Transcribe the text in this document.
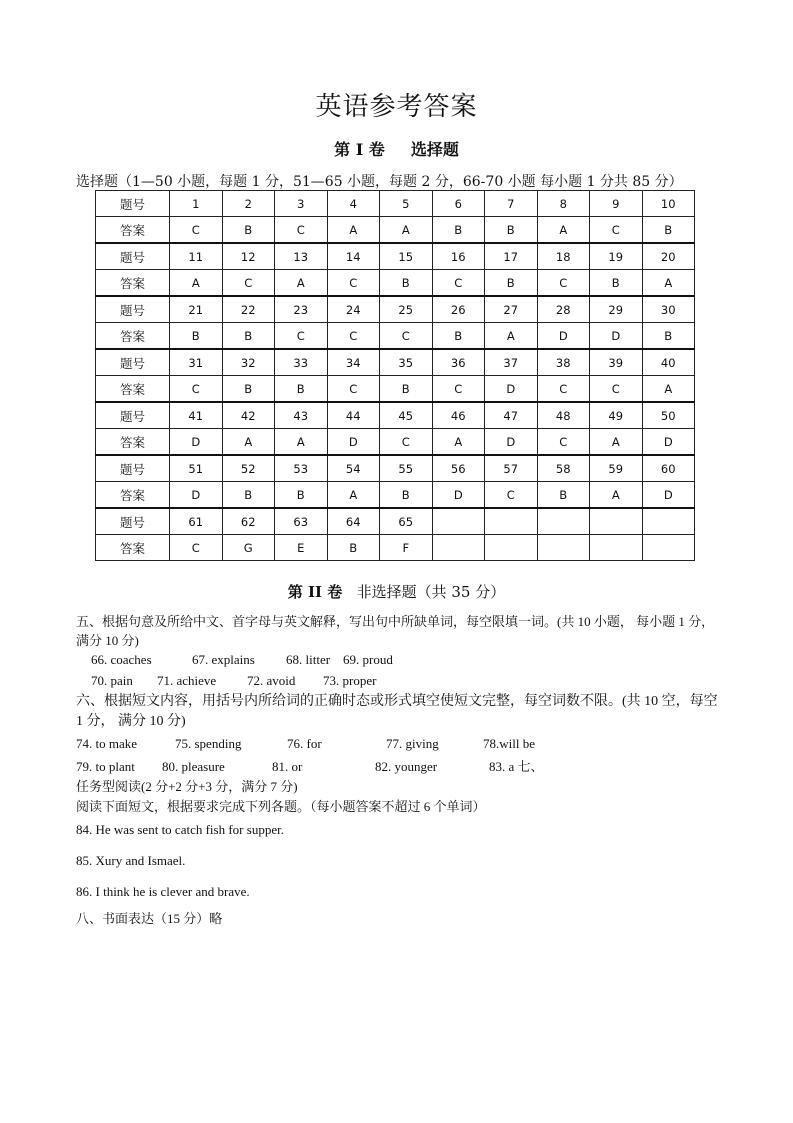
英语参考答案
第 I 卷 选择题
选择题（1—50 小题，每题 1 分，51—65 小题，每题 2 分，66-70 小题 每小题 1 分共 85 分）
题号	1	2	3	4	5	6	7	8	9	10
答案	C	B	C	A	A	B	B	A	C	B
题号	11	12	13	14	15	16	17	18	19	20
答案	A	C	A	C	B	C	B	C	B	A
题号	21	22	23	24	25	26	27	28	29	30
答案	B	B	C	C	C	B	A	D	D	B
题号	31	32	33	34	35	36	37	38	39	40
答案	C	B	B	C	B	C	D	C	C	A
题号	41	42	43	44	45	46	47	48	49	50
答案	D	A	A	D	C	A	D	C	A	D
题号	51	52	53	54	55	56	57	58	59	60
答案	D	B	B	A	B	D	C	B	A	D
题号	61	62	63	64	65					
答案	C	G	E	B	F					
第 II 卷 非选择题（共 35 分）
五、根据句意及所给中文、首字母与英文解释，写出句中所缺单词，每空限填一词。(共 10 小题， 每小题 1 分， 满分 10 分)
66. coaches	67. explains 68. litter 69. proud
70. pain 71. achieve 72. avoid 73. proper
六、根据短文内容，用括号内所给词的正确时态或形式填空使短文完整，每空词数不限。(共 10 空，每空 1 分， 满分 10 分)
74. to make	75. spending	76. for	77. giving	78.will be
79. to plant 80. pleasure	81. or	82. younger	83. a 七、
任务型阅读(2 分+2 分+3 分，满分 7 分)
阅读下面短文，根据要求完成下列各题。（每小题答案不超过 6 个单词）
84. He was sent to catch fish for supper.
85. Xury and Ismael.
86. I think he is clever and brave.
八、书面表达（15 分）略
